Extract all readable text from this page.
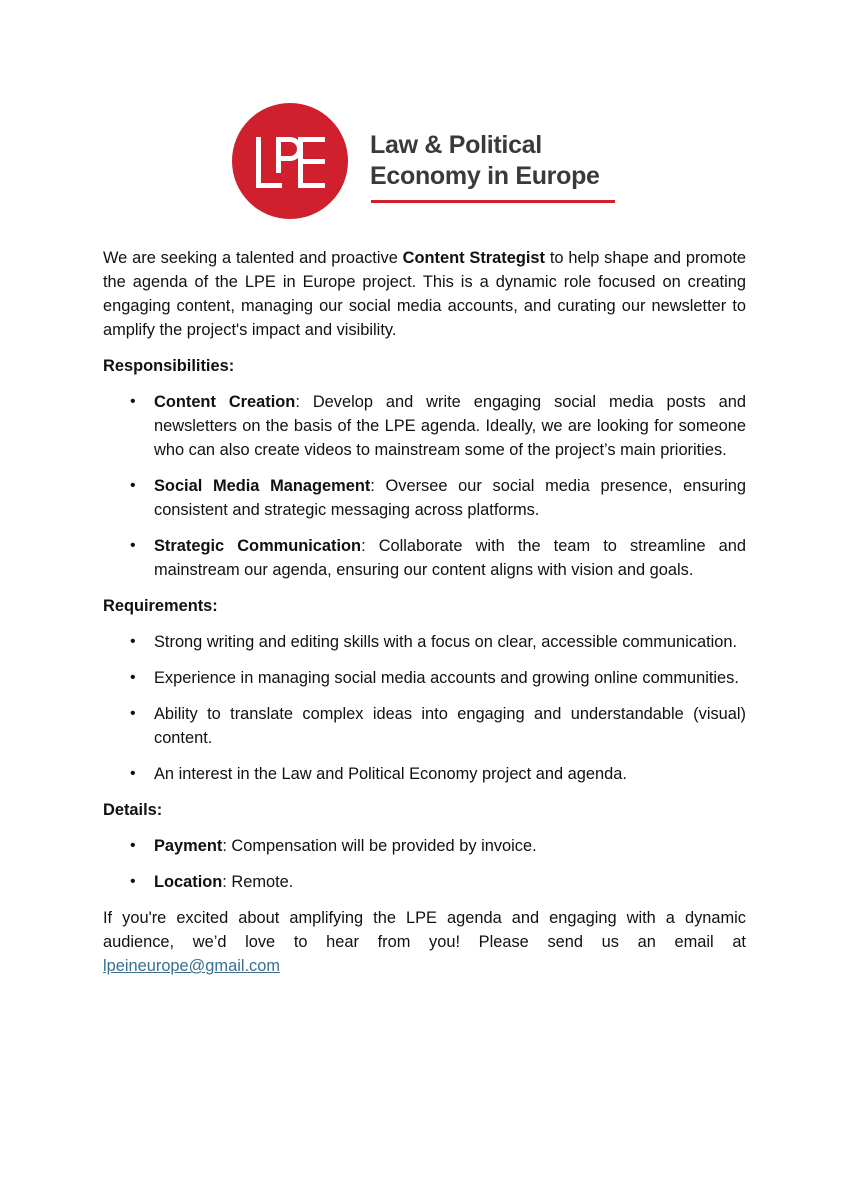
Law & Political
Economy in Europe

We are seeking a talented and proactive Content Strategist to help shape and promote the agenda of the LPE in Europe project. This is a dynamic role focused on creating engaging content, managing our social media accounts, and curating our newsletter to amplify the project's impact and visibility.

Responsibilities:

• Content Creation: Develop and write engaging social media posts and newsletters on the basis of the LPE agenda. Ideally, we are looking for someone who can also create videos to mainstream some of the project’s main priorities.
• Social Media Management: Oversee our social media presence, ensuring consistent and strategic messaging across platforms.
• Strategic Communication: Collaborate with the team to streamline and mainstream our agenda, ensuring our content aligns with vision and goals.

Requirements:

• Strong writing and editing skills with a focus on clear, accessible communication.
• Experience in managing social media accounts and growing online communities.
• Ability to translate complex ideas into engaging and understandable (visual) content.
• An interest in the Law and Political Economy project and agenda.

Details:

• Payment: Compensation will be provided by invoice.
• Location: Remote.

If you're excited about amplifying the LPE agenda and engaging with a dynamic audience, we’d love to hear from you! Please send us an email at lpeineurope@gmail.com
